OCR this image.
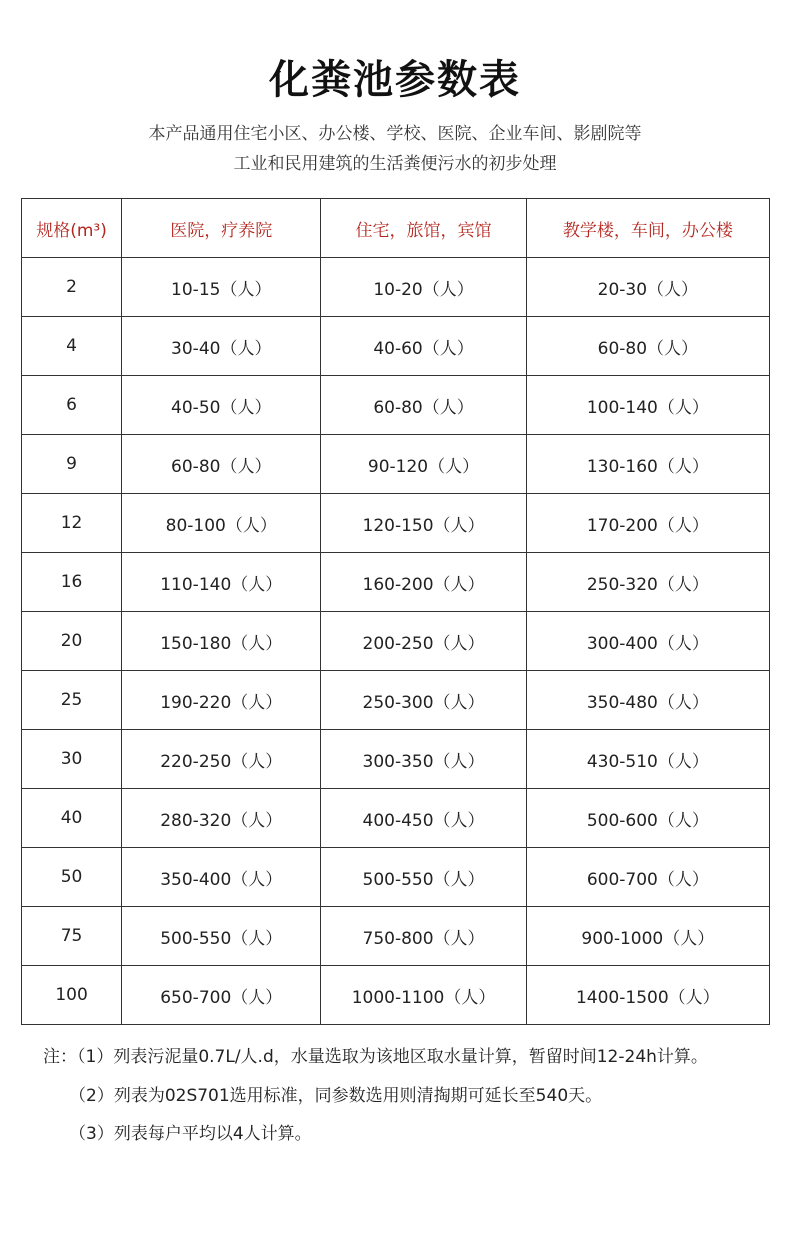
化粪池参数表
本产品通用住宅小区、办公楼、学校、医院、企业车间、影剧院等
工业和民用建筑的生活粪便污水的初步处理
规格(m³)	医院，疗养院	住宅，旅馆，宾馆	教学楼，车间，办公楼
2	10-15（人）	10-20（人）	20-30（人）
4	30-40（人）	40-60（人）	60-80（人）
6	40-50（人）	60-80（人）	100-140（人）
9	60-80（人）	90-120（人）	130-160（人）
12	80-100（人）	120-150（人）	170-200（人）
16	110-140（人）	160-200（人）	250-320（人）
20	150-180（人）	200-250（人）	300-400（人）
25	190-220（人）	250-300（人）	350-480（人）
30	220-250（人）	300-350（人）	430-510（人）
40	280-320（人）	400-450（人）	500-600（人）
50	350-400（人）	500-550（人）	600-700（人）
75	500-550（人）	750-800（人）	900-1000（人）
100	650-700（人）	1000-1100（人）	1400-1500（人）
注：（1）列表污泥量0.7L/人.d，水量选取为该地区取水量计算，暂留时间12-24h计算。
（2）列表为02S701选用标准，同参数选用则清掏期可延长至540天。
（3）列表每户平均以4人计算。
